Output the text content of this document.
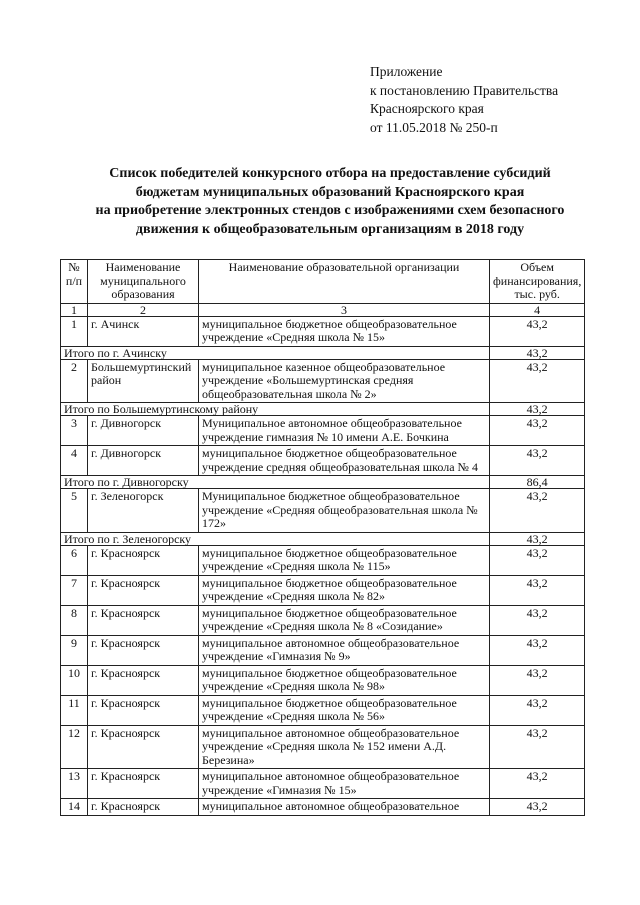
Приложение
к постановлению Правительства
Красноярского края
от 11.05.2018 № 250-п
Список победителей конкурсного отбора на предоставление субсидий
бюджетам муниципальных образований Красноярского края
на приобретение электронных стендов с изображениями схем безопасного
движения к общеобразовательным организациям в 2018 году
№ п/п	Наименование муниципального образования	Наименование образовательной организации	Объем финансирования, тыс. руб.
1	2	3	4
1	г. Ачинск	муниципальное бюджетное общеобразовательное учреждение «Средняя школа № 15»	43,2
Итого по г. Ачинску			43,2
2	Большемуртинский район	муниципальное казенное общеобразовательное учреждение «Большемуртинская средняя общеобразовательная школа № 2»	43,2
Итого по Большемуртинскому району			43,2
3	г. Дивногорск	Муниципальное автономное общеобразовательное учреждение гимназия № 10 имени А.Е. Бочкина	43,2
4	г. Дивногорск	муниципальное бюджетное общеобразовательное учреждение средняя общеобразовательная школа № 4	43,2
Итого по г. Дивногорску			86,4
5	г. Зеленогорск	Муниципальное бюджетное общеобразовательное учреждение «Средняя общеобразовательная школа № 172»	43,2
Итого по г. Зеленогорску			43,2
6	г. Красноярск	муниципальное бюджетное общеобразовательное учреждение «Средняя школа № 115»	43,2
7	г. Красноярск	муниципальное бюджетное общеобразовательное учреждение «Средняя школа № 82»	43,2
8	г. Красноярск	муниципальное бюджетное общеобразовательное учреждение «Средняя школа № 8 «Созидание»	43,2
9	г. Красноярск	муниципальное автономное общеобразовательное учреждение «Гимназия № 9»	43,2
10	г. Красноярск	муниципальное бюджетное общеобразовательное учреждение «Средняя школа № 98»	43,2
11	г. Красноярск	муниципальное бюджетное общеобразовательное учреждение «Средняя школа № 56»	43,2
12	г. Красноярск	муниципальное автономное общеобразовательное учреждение «Средняя школа № 152 имени А.Д. Березина»	43,2
13	г. Красноярск	муниципальное автономное общеобразовательное учреждение «Гимназия № 15»	43,2
14	г. Красноярск	муниципальное автономное общеобразовательное	43,2
